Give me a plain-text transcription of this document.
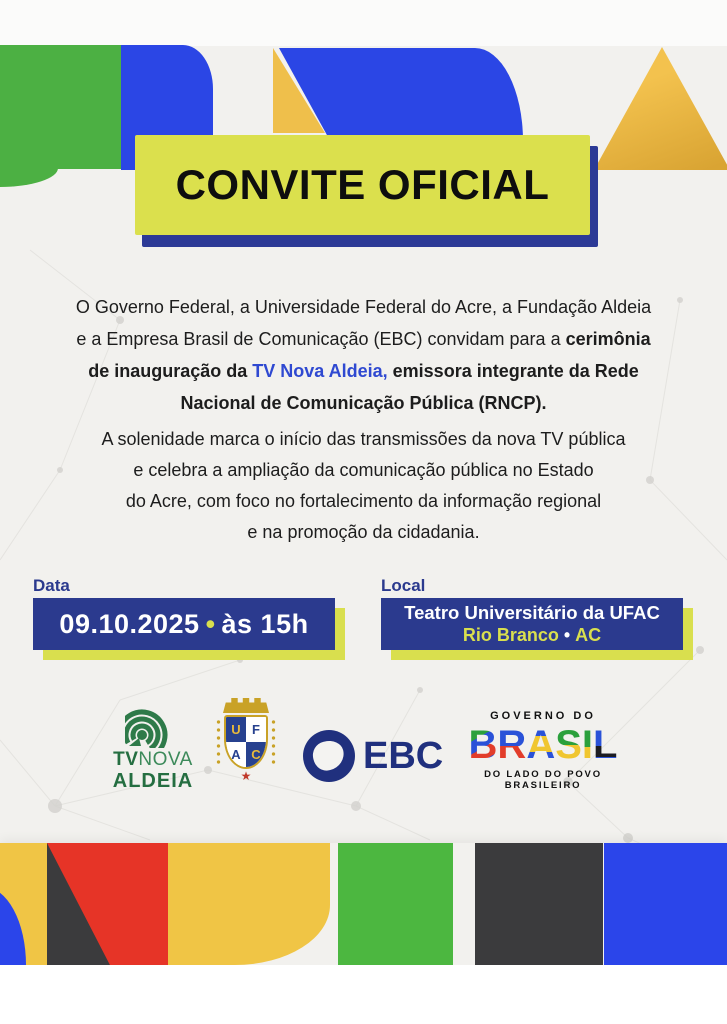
CONVITE OFICIAL
O Governo Federal, a Universidade Federal do Acre, a Fundação Aldeia
e a Empresa Brasil de Comunicação (EBC) convidam para a cerimônia
de inauguração da TV Nova Aldeia, emissora integrante da Rede
Nacional de Comunicação Pública (RNCP).
A solenidade marca o início das transmissões da nova TV pública
e celebra a ampliação da comunicação pública no Estado
do Acre, com foco no fortalecimento da informação regional
e na promoção da cidadania.
Data
09.10.2025 • às 15h
Local
Teatro Universitário da UFAC
Rio Branco • AC
TVNOVA
ALDEIA
U F
A C
★	EBC
GOVERNO DO
BRASIL
DO LADO DO POVO BRASILEIRO
